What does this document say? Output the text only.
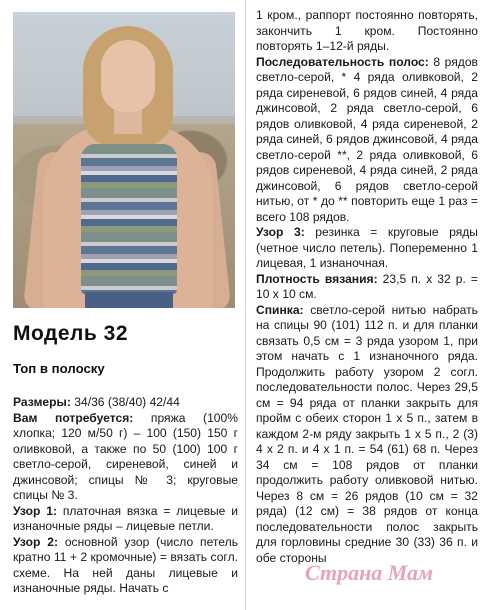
Модель 32
Топ в полоску

Размеры: 34/36 (38/40) 42/44

Вам потребуется: пряжа (100% хлопка; 120 м/50 г) – 100 (150) 150 г оливковой, а также по 50 (100) 100 г светло-серой, сиреневой, синей и джинсовой; спицы № 3; круговые спицы № 3.

Узор 1: платочная вязка = лицевые и изнаночные ряды – лицевые петли.

Узор 2: основной узор (число петель кратно 11 + 2 кромочные) = вязать согл. схеме. На ней даны лицевые и изнаночные ряды. Начать с

1 кром., раппорт постоянно повторять, закончить 1 кром. Постоянно повторять 1–12-й ряды.

Последовательность полос: 8 рядов светло-серой, * 4 ряда оливковой, 2 ряда сиреневой, 6 рядов синей, 4 ряда джинсовой, 2 ряда светло-серой, 6 рядов оливковой, 4 ряда сиреневой, 2 ряда синей, 6 рядов джинсовой, 4 ряда светло-серой **, 2 ряда оливковой, 6 рядов сиреневой, 4 ряда синей, 2 ряда джинсовой, 6 рядов светло-серой нитью, от * до ** повторить еще 1 раз = всего 108 рядов.

Узор 3: резинка = круговые ряды (четное число петель). Попеременно 1 лицевая, 1 изнаночная.

Плотность вязания: 23,5 п. х 32 р. = 10 х 10 см.

Спинка: светло-серой нитью набрать на спицы 90 (101) 112 п. и для планки связать 0,5 см = 3 ряда узором 1, при этом начать с 1 изнаночного ряда. Продолжить работу узором 2 согл. последовательности полос. Через 29,5 см = 94 ряда от планки закрыть для пройм с обеих сторон 1 х 5 п., затем в каждом 2-м ряду закрыть 1 х 5 п., 2 (3) 4 х 2 п. и 4 х 1 п. = 54 (61) 68 п. Через 34 см = 108 рядов от планки продолжить работу оливковой нитью. Через 8 см = 26 рядов (10 см = 32 ряда) (12 см) = 38 рядов от конца последовательности полос закрыть для горловины средние 30 (33) 36 п. и обе стороны

Страна Мам
